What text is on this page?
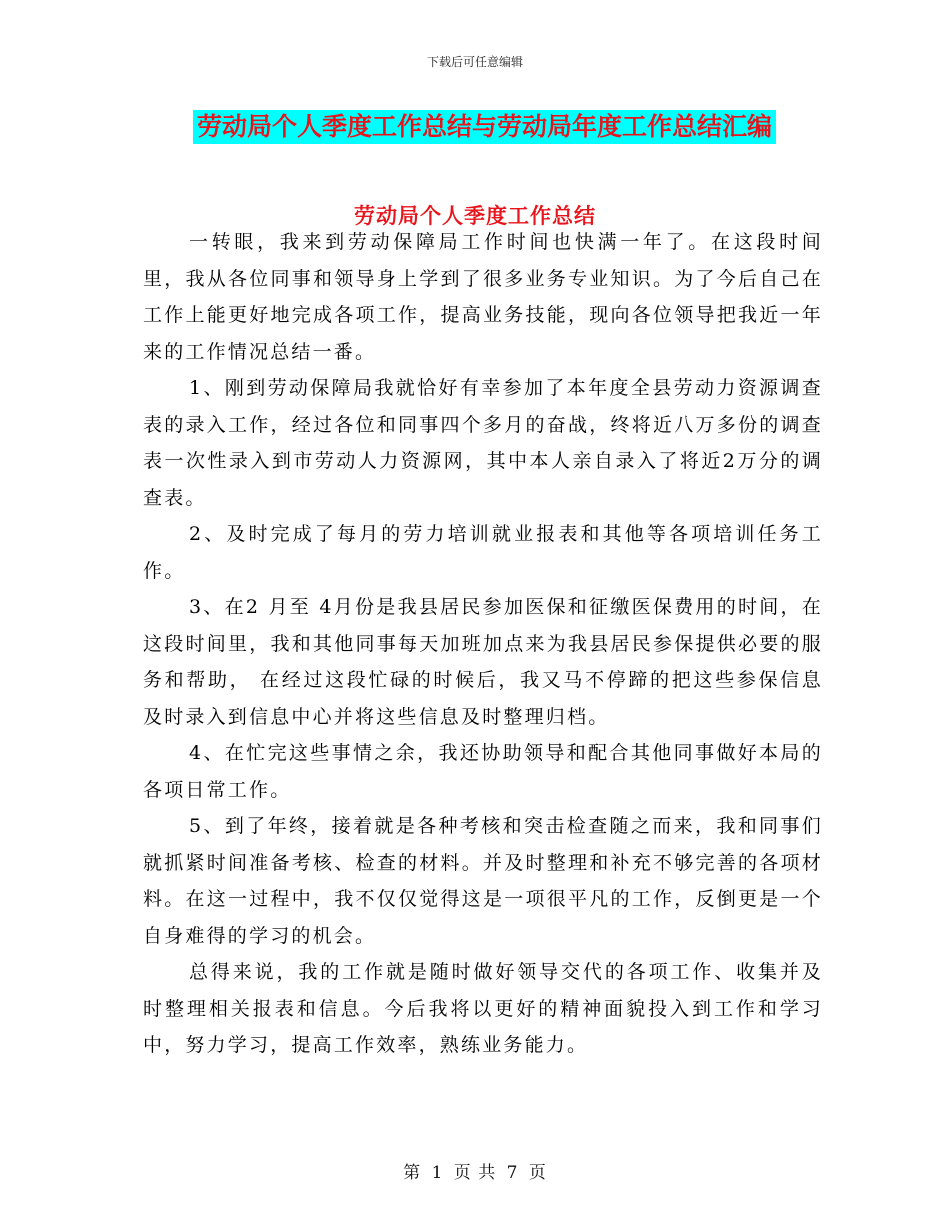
下载后可任意编辑
劳动局个人季度工作总结与劳动局年度工作总结汇编
劳动局个人季度工作总结

一转眼，我来到劳动保障局工作时间也快满一年了。在这段时间里，我从各位同事和领导身上学到了很多业务专业知识。为了今后自己在工作上能更好地完成各项工作，提高业务技能，现向各位领导把我近一年来的工作情况总结一番。

1、刚到劳动保障局我就恰好有幸参加了本年度全县劳动力资源调查表的录入工作，经过各位和同事四个多月的奋战，终将近八万多份的调查表一次性录入到市劳动人力资源网，其中本人亲自录入了将近2万分的调查表。

2、及时完成了每月的劳力培训就业报表和其他等各项培训任务工作。

3、在2 月至 4月份是我县居民参加医保和征缴医保费用的时间，在这段时间里，我和其他同事每天加班加点来为我县居民参保提供必要的服务和帮助， 在经过这段忙碌的时候后，我又马不停蹄的把这些参保信息及时录入到信息中心并将这些信息及时整理归档。

4、在忙完这些事情之余，我还协助领导和配合其他同事做好本局的各项日常工作。

5、到了年终，接着就是各种考核和突击检查随之而来，我和同事们就抓紧时间准备考核、检查的材料。并及时整理和补充不够完善的各项材料。在这一过程中，我不仅仅觉得这是一项很平凡的工作，反倒更是一个自身难得的学习的机会。

总得来说，我的工作就是随时做好领导交代的各项工作、收集并及时整理相关报表和信息。今后我将以更好的精神面貌投入到工作和学习中，努力学习，提高工作效率，熟练业务能力。

第 1 页 共 7 页
